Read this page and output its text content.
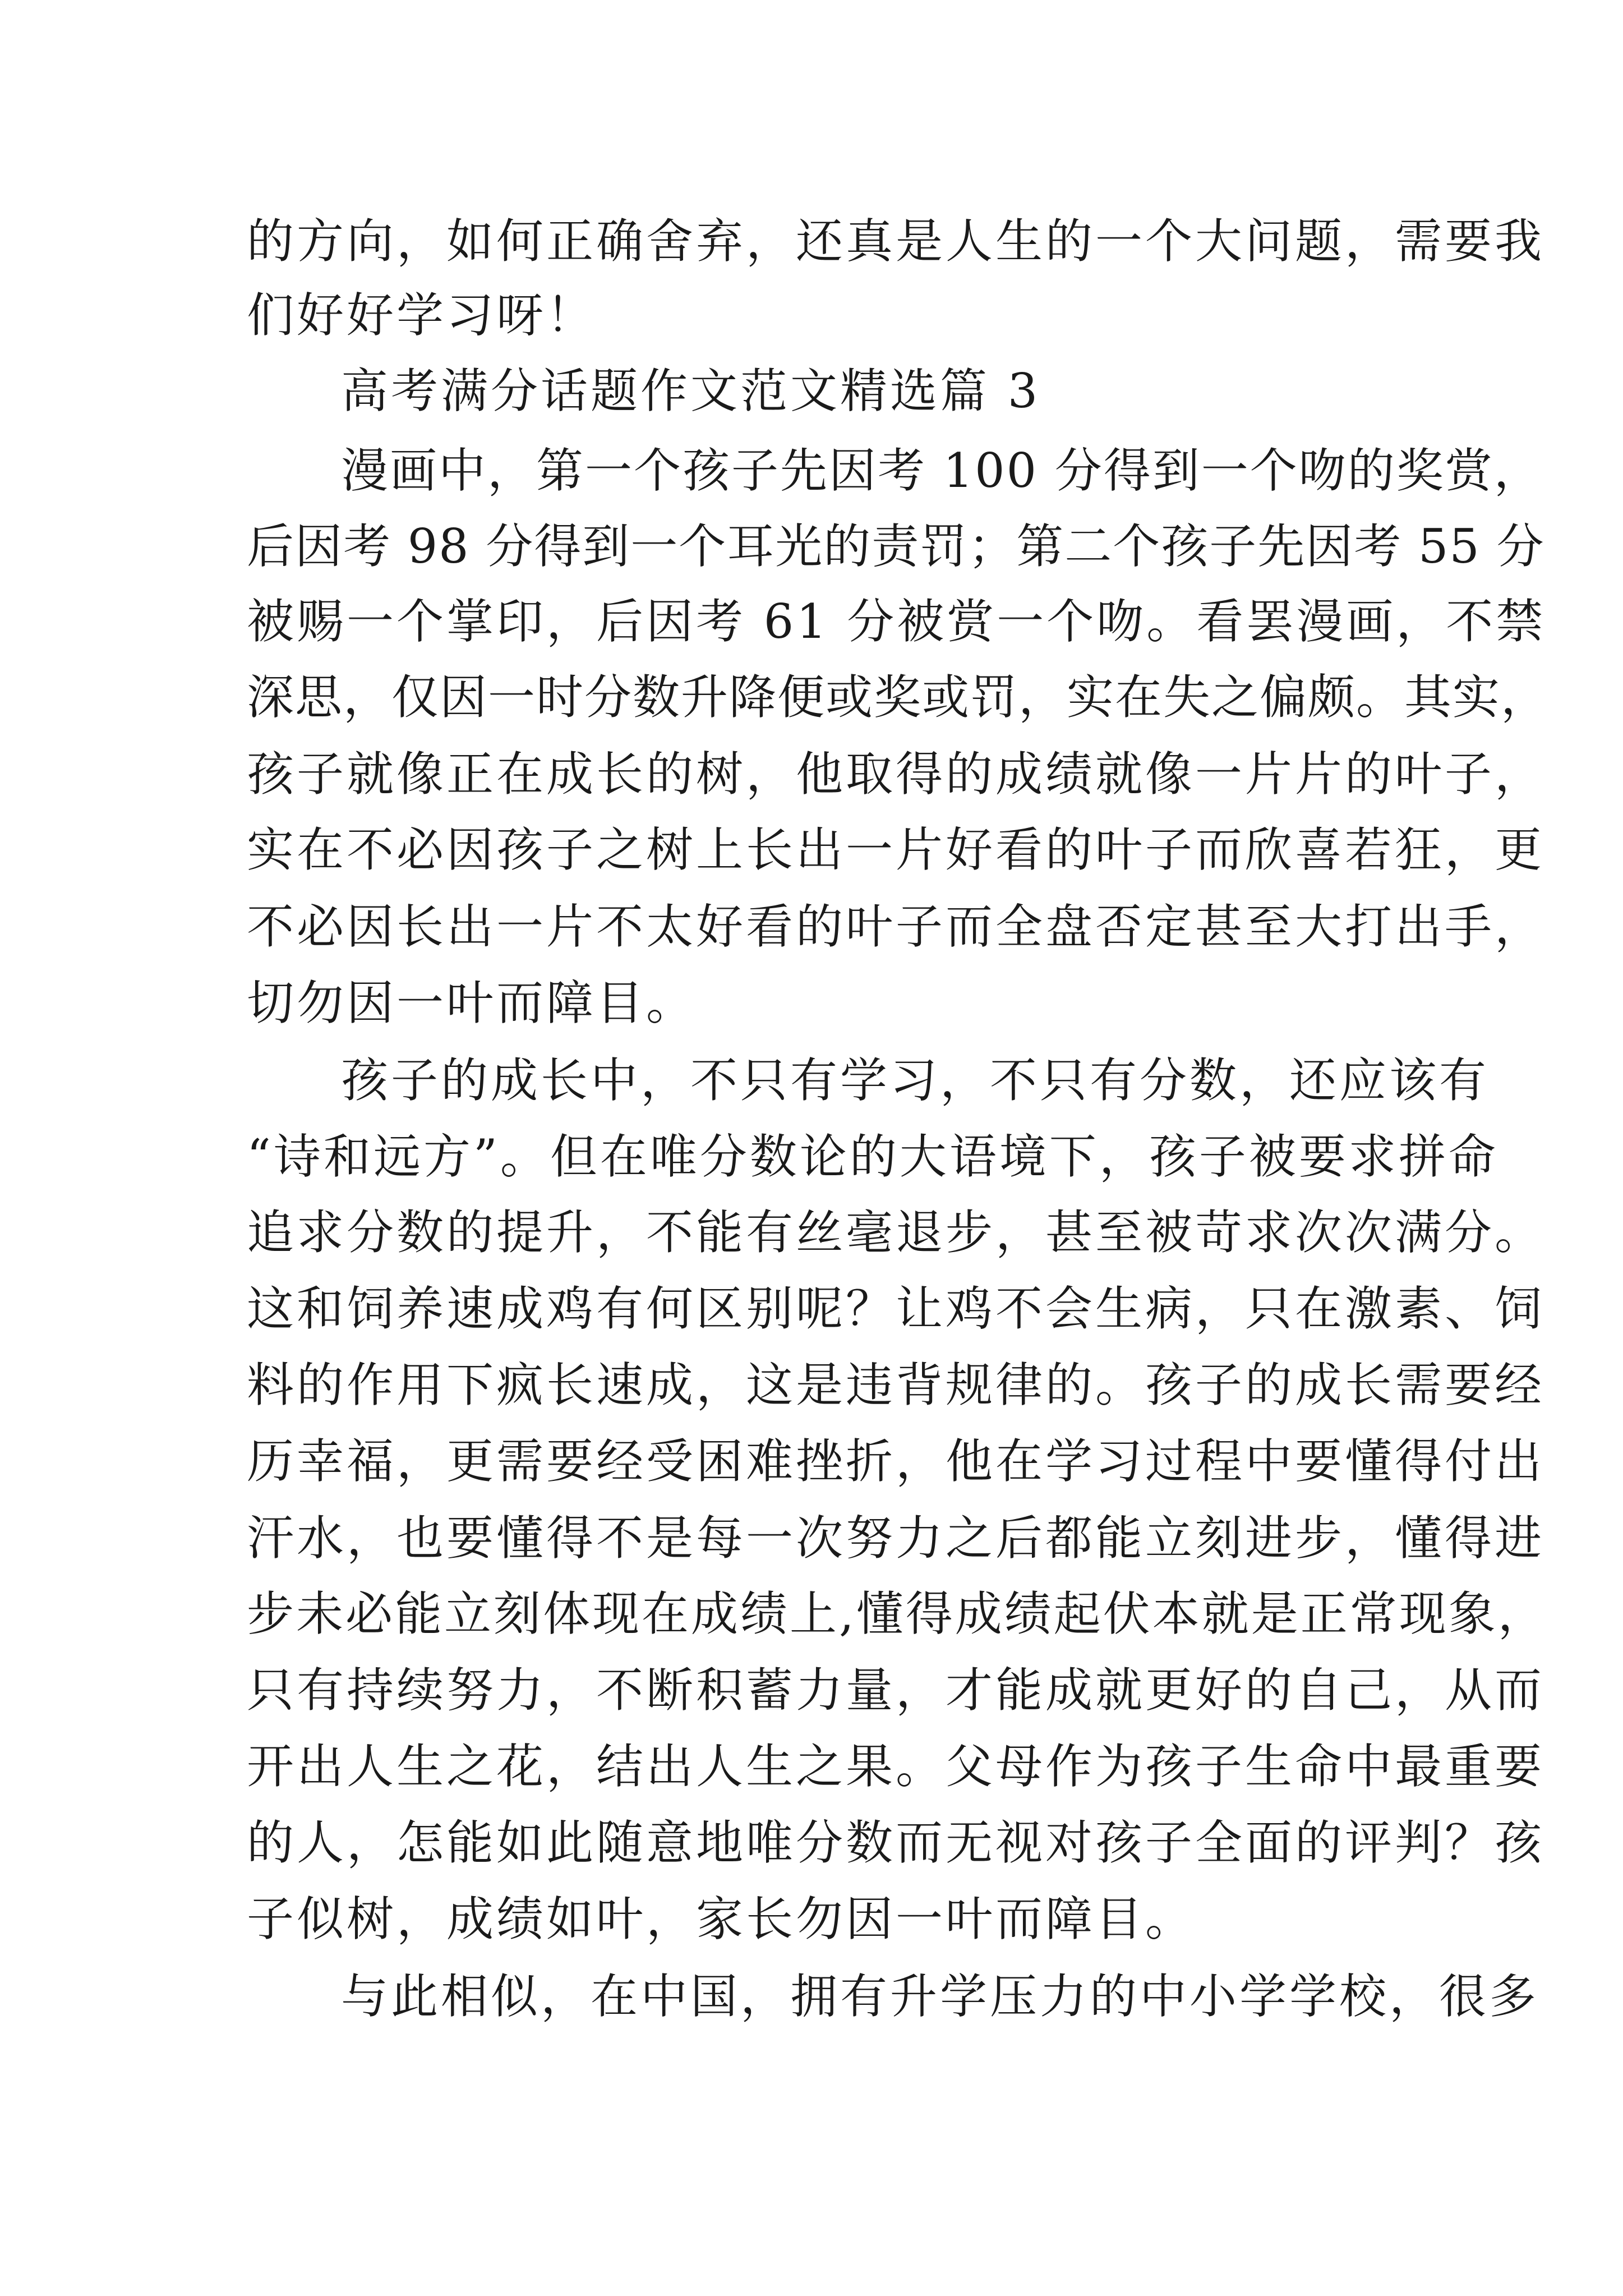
的方向，如何正确舍弃，还真是人生的一个大问题，需要我

们好好学习呀！

高考满分话题作文范文精选篇 3

漫画中，第一个孩子先因考 100 分得到一个吻的奖赏，

后因考 98 分得到一个耳光的责罚；第二个孩子先因考 55 分

被赐一个掌印，后因考 61 分被赏一个吻。看罢漫画，不禁

深思，仅因一时分数升降便或奖或罚，实在失之偏颇。其实，

孩子就像正在成长的树，他取得的成绩就像一片片的叶子，

实在不必因孩子之树上长出一片好看的叶子而欣喜若狂，更

不必因长出一片不太好看的叶子而全盘否定甚至大打出手，

切勿因一叶而障目。

孩子的成长中，不只有学习，不只有分数，还应该有

“诗和远方”。但在唯分数论的大语境下，孩子被要求拼命

追求分数的提升，不能有丝毫退步，甚至被苛求次次满分。

这和饲养速成鸡有何区别呢？让鸡不会生病，只在激素、饲

料的作用下疯长速成，这是违背规律的。孩子的成长需要经

历幸福，更需要经受困难挫折，他在学习过程中要懂得付出

汗水，也要懂得不是每一次努力之后都能立刻进步，懂得进

步未必能立刻体现在成绩上,懂得成绩起伏本就是正常现象，

只有持续努力，不断积蓄力量，才能成就更好的自己，从而

开出人生之花，结出人生之果。父母作为孩子生命中最重要

的人，怎能如此随意地唯分数而无视对孩子全面的评判？孩

子似树，成绩如叶，家长勿因一叶而障目。

与此相似，在中国，拥有升学压力的中小学学校，很多
